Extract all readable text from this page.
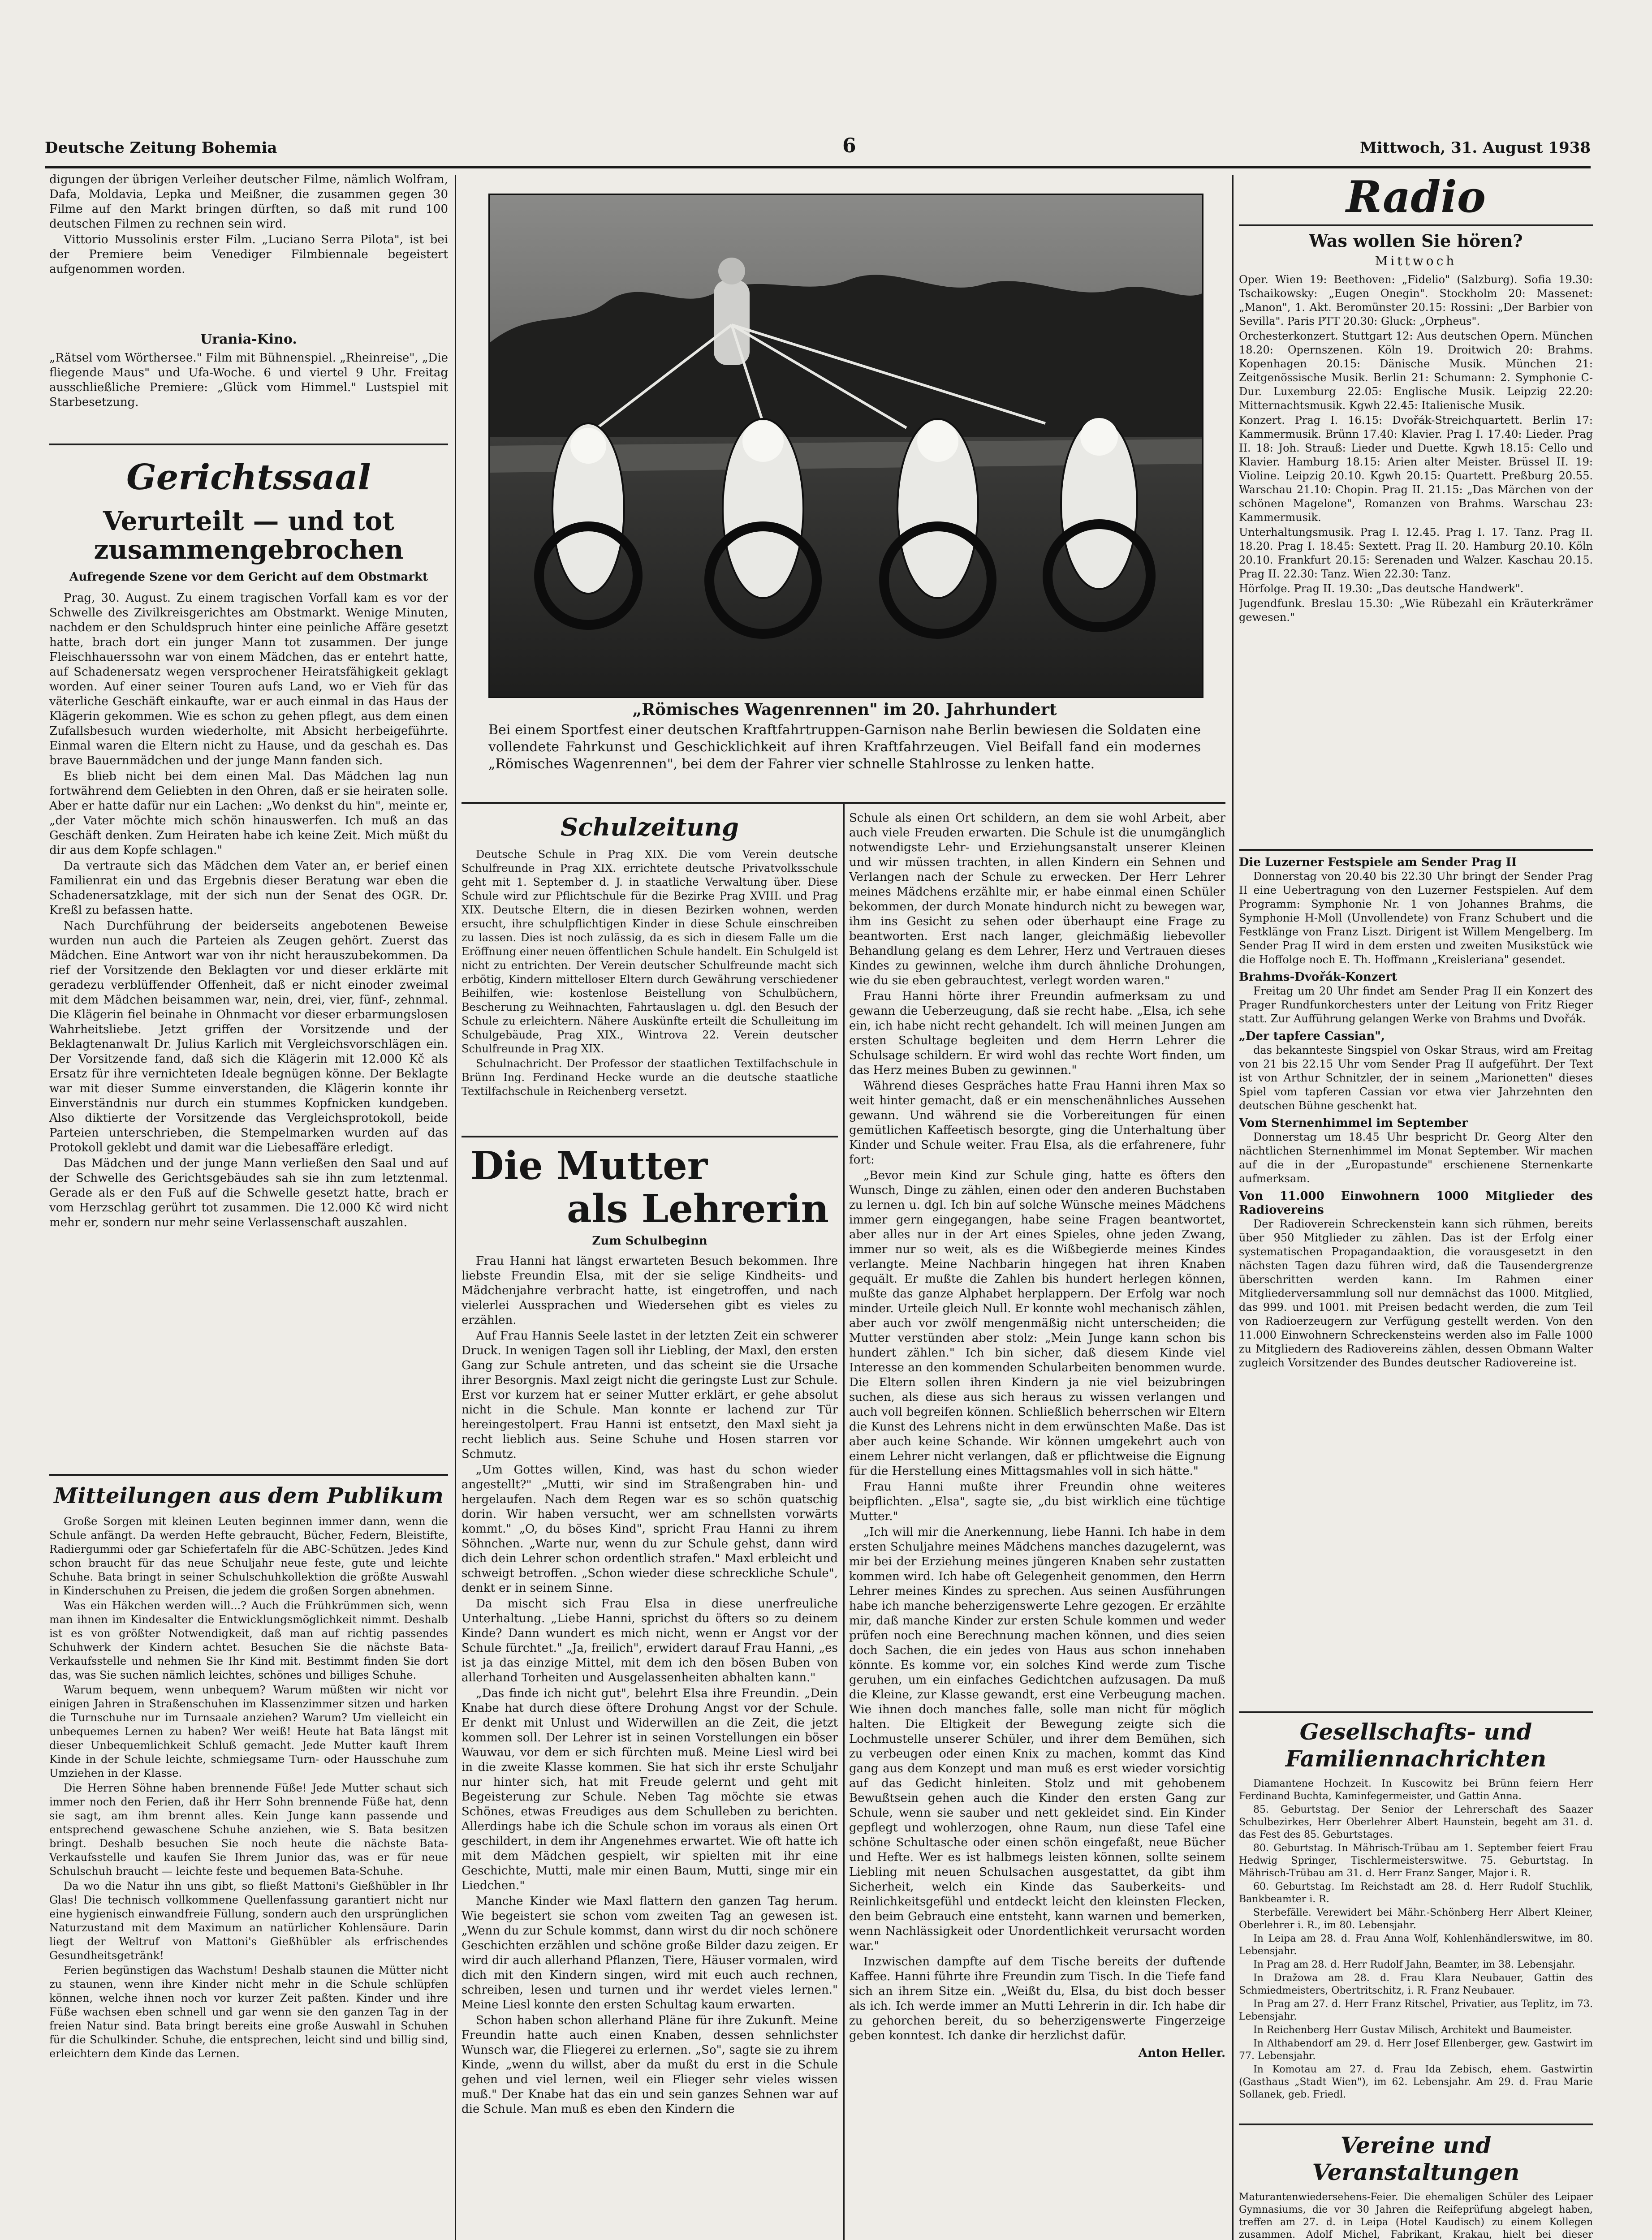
Deutsche Zeitung Bohemia	6	Mittwoch, 31. August 1938

digungen der übrigen Verleiher deutscher Filme, nämlich Wolfram, Dafa, Moldavia, Lepka und Meißner, die zusammen gegen 30 Filme auf den Markt bringen dürften, so daß mit rund 100 deutschen Filmen zu rechnen sein wird.

Vittorio Mussolinis erster Film. „Luciano Serra Pilota", ist bei der Premiere beim Venediger Filmbiennale begeistert aufgenommen worden.

Urania-Kino.
„Rätsel vom Wörthersee." Film mit Bühnenspiel. „Rheinreise", „Die fliegende Maus" und Ufa-Woche. 6 und viertel 9 Uhr. Freitag ausschließliche Premiere: „Glück vom Himmel." Lustspiel mit Starbesetzung.
Gerichtssaal
Verurteilt — und tot zusammengebrochen
Aufregende Szene vor dem Gericht auf dem Obstmarkt

Prag, 30. August. Zu einem tragischen Vorfall kam es vor der Schwelle des Zivilkreisgerichtes am Obstmarkt. Wenige Minuten, nachdem er den Schuldspruch hinter eine peinliche Affäre gesetzt hatte, brach dort ein junger Mann tot zusammen. Der junge Fleischhauerssohn war von einem Mädchen, das er entehrt hatte, auf Schadenersatz wegen versprochener Heiratsfähigkeit geklagt worden. Auf einer seiner Touren aufs Land, wo er Vieh für das väterliche Geschäft einkaufte, war er auch einmal in das Haus der Klägerin gekommen. Wie es schon zu gehen pflegt, aus dem einen Zufallsbesuch wurden wiederholte, mit Absicht herbeigeführte. Einmal waren die Eltern nicht zu Hause, und da geschah es. Das brave Bauernmädchen und der junge Mann fanden sich.

Es blieb nicht bei dem einen Mal. Das Mädchen lag nun fortwährend dem Geliebten in den Ohren, daß er sie heiraten solle. Aber er hatte dafür nur ein Lachen: „Wo denkst du hin", meinte er, „der Vater möchte mich schön hinauswerfen. Ich muß an das Geschäft denken. Zum Heiraten habe ich keine Zeit. Mich müßt du dir aus dem Kopfe schlagen."

Da vertraute sich das Mädchen dem Vater an, er berief einen Familienrat ein und das Ergebnis dieser Beratung war eben die Schadenersatzklage, mit der sich nun der Senat des OGR. Dr. Kreßl zu befassen hatte.

Nach Durchführung der beiderseits angebotenen Beweise wurden nun auch die Parteien als Zeugen gehört. Zuerst das Mädchen. Eine Antwort war von ihr nicht herauszubekommen. Da rief der Vorsitzende den Beklagten vor und dieser erklärte mit geradezu verblüffender Offenheit, daß er nicht einoder zweimal mit dem Mädchen beisammen war, nein, drei, vier, fünf-, zehnmal. Die Klägerin fiel beinahe in Ohnmacht vor dieser erbarmungslosen Wahrheitsliebe. Jetzt griffen der Vorsitzende und der Beklagtenanwalt Dr. Julius Karlich mit Vergleichsvorschlägen ein. Der Vorsitzende fand, daß sich die Klägerin mit 12.000 Kč als Ersatz für ihre vernichteten Ideale begnügen könne. Der Beklagte war mit dieser Summe einverstanden, die Klägerin konnte ihr Einverständnis nur durch ein stummes Kopfnicken kundgeben. Also diktierte der Vorsitzende das Vergleichsprotokoll, beide Parteien unterschrieben, die Stempelmarken wurden auf das Protokoll geklebt und damit war die Liebesaffäre erledigt.

Das Mädchen und der junge Mann verließen den Saal und auf der Schwelle des Gerichtsgebäudes sah sie ihn zum letztenmal. Gerade als er den Fuß auf die Schwelle gesetzt hatte, brach er vom Herzschlag gerührt tot zusammen. Die 12.000 Kč wird nicht mehr er, sondern nur mehr seine Verlassenschaft auszahlen.

Mitteilungen aus dem Publikum

Große Sorgen mit kleinen Leuten beginnen immer dann, wenn die Schule anfängt. Da werden Hefte gebraucht, Bücher, Federn, Bleistifte, Radiergummi oder gar Schiefertafeln für die ABC-Schützen. Jedes Kind schon braucht für das neue Schuljahr neue feste, gute und leichte Schuhe. Bata bringt in seiner Schulschuhkollektion die größte Auswahl in Kinderschuhen zu Preisen, die jedem die großen Sorgen abnehmen.

Was ein Häkchen werden will...? Auch die Frühkrümmen sich, wenn man ihnen im Kindesalter die Entwicklungsmöglichkeit nimmt. Deshalb ist es von größter Notwendigkeit, daß man auf richtig passendes Schuhwerk der Kindern achtet. Besuchen Sie die nächste Bata-Verkaufsstelle und nehmen Sie Ihr Kind mit. Bestimmt finden Sie dort das, was Sie suchen nämlich leichtes, schönes und billiges Schuhe.

Warum bequem, wenn unbequem? Warum müßten wir nicht vor einigen Jahren in Straßenschuhen im Klassenzimmer sitzen und harken die Turnschuhe nur im Turnsaale anziehen? Warum? Um vielleicht ein unbequemes Lernen zu haben? Wer weiß! Heute hat Bata längst mit dieser Unbequemlichkeit Schluß gemacht. Jede Mutter kauft Ihrem Kinde in der Schule leichte, schmiegsame Turn- oder Hausschuhe zum Umziehen in der Klasse.

Die Herren Söhne haben brennende Füße! Jede Mutter schaut sich immer noch den Ferien, daß ihr Herr Sohn brennende Füße hat, denn sie sagt, am ihm brennt alles. Kein Junge kann passende und entsprechend gewaschene Schuhe anziehen, wie S. Bata besitzen bringt. Deshalb besuchen Sie noch heute die nächste Bata-Verkaufsstelle und kaufen Sie Ihrem Junior das, was er für neue Schulschuh braucht — leichte feste und bequemen Bata-Schuhe.

Da wo die Natur ihn uns gibt, so fließt Mattoni's Gießhübler in Ihr Glas! Die technisch vollkommene Quellenfassung garantiert nicht nur eine hygienisch einwandfreie Füllung, sondern auch den ursprünglichen Naturzustand mit dem Maximum an natürlicher Kohlensäure. Darin liegt der Weltruf von Mattoni's Gießhübler als erfrischendes Gesundheitsgetränk!

Ferien begünstigen das Wachstum! Deshalb staunen die Mütter nicht zu staunen, wenn ihre Kinder nicht mehr in die Schule schlüpfen können, welche ihnen noch vor kurzer Zeit paßten. Kinder und ihre Füße wachsen eben schnell und gar wenn sie den ganzen Tag in der freien Natur sind. Bata bringt bereits eine große Auswahl in Schuhen für die Schulkinder. Schuhe, die entsprechen, leicht sind und billig sind, erleichtern dem Kinde das Lernen.

„Römisches Wagenrennen" im 20. Jahrhundert
Bei einem Sportfest einer deutschen Kraftfahrtruppen-Garnison nahe Berlin bewiesen die Soldaten eine vollendete Fahrkunst und Geschicklichkeit auf ihren Kraftfahrzeugen. Viel Beifall fand ein modernes „Römisches Wagenrennen", bei dem der Fahrer vier schnelle Stahlrosse zu lenken hatte.
Schulzeitung

Deutsche Schule in Prag XIX. Die vom Verein deutsche Schulfreunde in Prag XIX. errichtete deutsche Privatvolksschule geht mit 1. September d. J. in staatliche Verwaltung über. Diese Schule wird zur Pflichtschule für die Bezirke Prag XVIII. und Prag XIX. Deutsche Eltern, die in diesen Bezirken wohnen, werden ersucht, ihre schulpflichtigen Kinder in diese Schule einschreiben zu lassen. Dies ist noch zulässig, da es sich in diesem Falle um die Eröffnung einer neuen öffentlichen Schule handelt. Ein Schulgeld ist nicht zu entrichten. Der Verein deutscher Schulfreunde macht sich erbötig, Kindern mittelloser Eltern durch Gewährung verschiedener Beihilfen, wie: kostenlose Beistellung von Schulbüchern, Bescherung zu Weihnachten, Fahrtauslagen u. dgl. den Besuch der Schule zu erleichtern. Nähere Auskünfte erteilt die Schulleitung im Schulgebäude, Prag XIX., Wintrova 22. Verein deutscher Schulfreunde in Prag XIX.

Schulnachricht. Der Professor der staatlichen Textilfachschule in Brünn Ing. Ferdinand Hecke wurde an die deutsche staatliche Textilfachschule in Reichenberg versetzt.

Die Mutter
als Lehrerin
Zum Schulbeginn

Frau Hanni hat längst erwarteten Besuch bekommen. Ihre liebste Freundin Elsa, mit der sie selige Kindheits- und Mädchenjahre verbracht hatte, ist eingetroffen, und nach vielerlei Aussprachen und Wiedersehen gibt es vieles zu erzählen.

Auf Frau Hannis Seele lastet in der letzten Zeit ein schwerer Druck. In wenigen Tagen soll ihr Liebling, der Maxl, den ersten Gang zur Schule antreten, und das scheint sie die Ursache ihrer Besorgnis. Maxl zeigt nicht die geringste Lust zur Schule. Erst vor kurzem hat er seiner Mutter erklärt, er gehe absolut nicht in die Schule. Man konnte er lachend zur Tür hereingestolpert. Frau Hanni ist entsetzt, den Maxl sieht ja recht lieblich aus. Seine Schuhe und Hosen starren vor Schmutz.

„Um Gottes willen, Kind, was hast du schon wieder angestellt?" „Mutti, wir sind im Straßengraben hin- und hergelaufen. Nach dem Regen war es so schön quatschig dorin. Wir haben versucht, wer am schnellsten vorwärts kommt." „O, du böses Kind", spricht Frau Hanni zu ihrem Söhnchen. „Warte nur, wenn du zur Schule gehst, dann wird dich dein Lehrer schon ordentlich strafen." Maxl erbleicht und schweigt betroffen. „Schon wieder diese schreckliche Schule", denkt er in seinem Sinne.

Da mischt sich Frau Elsa in diese unerfreuliche Unterhaltung. „Liebe Hanni, sprichst du öfters so zu deinem Kinde? Dann wundert es mich nicht, wenn er Angst vor der Schule fürchtet." „Ja, freilich", erwidert darauf Frau Hanni, „es ist ja das einzige Mittel, mit dem ich den bösen Buben von allerhand Torheiten und Ausgelassenheiten abhalten kann."

„Das finde ich nicht gut", belehrt Elsa ihre Freundin. „Dein Knabe hat durch diese öftere Drohung Angst vor der Schule. Er denkt mit Unlust und Widerwillen an die Zeit, die jetzt kommen soll. Der Lehrer ist in seinen Vorstellungen ein böser Wauwau, vor dem er sich fürchten muß. Meine Liesl wird bei in die zweite Klasse kommen. Sie hat sich ihr erste Schuljahr nur hinter sich, hat mit Freude gelernt und geht mit Begeisterung zur Schule. Neben Tag möchte sie etwas Schönes, etwas Freudiges aus dem Schulleben zu berichten. Allerdings habe ich die Schule schon im voraus als einen Ort geschildert, in dem ihr Angenehmes erwartet. Wie oft hatte ich mit dem Mädchen gespielt, wir spielten mit ihr eine Geschichte, Mutti, male mir einen Baum, Mutti, singe mir ein Liedchen."

Manche Kinder wie Maxl flattern den ganzen Tag herum. Wie begeistert sie schon vom zweiten Tag an gewesen ist. „Wenn du zur Schule kommst, dann wirst du dir noch schönere Geschichten erzählen und schöne große Bilder dazu zeigen. Er wird dir auch allerhand Pflanzen, Tiere, Häuser vormalen, wird dich mit den Kindern singen, wird mit euch auch rechnen, schreiben, lesen und turnen und ihr werdet vieles lernen." Meine Liesl konnte den ersten Schultag kaum erwarten.

Schon haben schon allerhand Pläne für ihre Zukunft. Meine Freundin hatte auch einen Knaben, dessen sehnlichster Wunsch war, die Fliegerei zu erlernen. „So", sagte sie zu ihrem Kinde, „wenn du willst, aber da mußt du erst in die Schule gehen und viel lernen, weil ein Flieger sehr vieles wissen muß." Der Knabe hat das ein und sein ganzes Sehnen war auf die Schule. Man muß es eben den Kindern die

Schule als einen Ort schildern, an dem sie wohl Arbeit, aber auch viele Freuden erwarten. Die Schule ist die unumgänglich notwendigste Lehr- und Erziehungsanstalt unserer Kleinen und wir müssen trachten, in allen Kindern ein Sehnen und Verlangen nach der Schule zu erwecken. Der Herr Lehrer meines Mädchens erzählte mir, er habe einmal einen Schüler bekommen, der durch Monate hindurch nicht zu bewegen war, ihm ins Gesicht zu sehen oder überhaupt eine Frage zu beantworten. Erst nach langer, gleichmäßig liebevoller Behandlung gelang es dem Lehrer, Herz und Vertrauen dieses Kindes zu gewinnen, welche ihm durch ähnliche Drohungen, wie du sie eben gebrauchtest, verlegt worden waren."

Frau Hanni hörte ihrer Freundin aufmerksam zu und gewann die Ueberzeugung, daß sie recht habe. „Elsa, ich sehe ein, ich habe nicht recht gehandelt. Ich will meinen Jungen am ersten Schultage begleiten und dem Herrn Lehrer die Schulsage schildern. Er wird wohl das rechte Wort finden, um das Herz meines Buben zu gewinnen."

Während dieses Gespräches hatte Frau Hanni ihren Max so weit hinter gemacht, daß er ein menschenähnliches Aussehen gewann. Und während sie die Vorbereitungen für einen gemütlichen Kaffeetisch besorgte, ging die Unterhaltung über Kinder und Schule weiter. Frau Elsa, als die erfahrenere, fuhr fort:

„Bevor mein Kind zur Schule ging, hatte es öfters den Wunsch, Dinge zu zählen, einen oder den anderen Buchstaben zu lernen u. dgl. Ich bin auf solche Wünsche meines Mädchens immer gern eingegangen, habe seine Fragen beantwortet, aber alles nur in der Art eines Spieles, ohne jeden Zwang, immer nur so weit, als es die Wißbegierde meines Kindes verlangte. Meine Nachbarin hingegen hat ihren Knaben gequält. Er mußte die Zahlen bis hundert herlegen können, mußte das ganze Alphabet herplappern. Der Erfolg war noch minder. Urteile gleich Null. Er konnte wohl mechanisch zählen, aber auch vor zwölf mengenmäßig nicht unterscheiden; die Mutter verstünden aber stolz: „Mein Junge kann schon bis hundert zählen." Ich bin sicher, daß diesem Kinde viel Interesse an den kommenden Schularbeiten benommen wurde. Die Eltern sollen ihren Kindern ja nie viel beizubringen suchen, als diese aus sich heraus zu wissen verlangen und auch voll begreifen können. Schließlich beherrschen wir Eltern die Kunst des Lehrens nicht in dem erwünschten Maße. Das ist aber auch keine Schande. Wir können umgekehrt auch von einem Lehrer nicht verlangen, daß er pflichtweise die Eignung für die Herstellung eines Mittagsmahles voll in sich hätte."

Frau Hanni mußte ihrer Freundin ohne weiteres beipflichten. „Elsa", sagte sie, „du bist wirklich eine tüchtige Mutter."

„Ich will mir die Anerkennung, liebe Hanni. Ich habe in dem ersten Schuljahre meines Mädchens manches dazugelernt, was mir bei der Erziehung meines jüngeren Knaben sehr zustatten kommen wird. Ich habe oft Gelegenheit genommen, den Herrn Lehrer meines Kindes zu sprechen. Aus seinen Ausführungen habe ich manche beherzigenswerte Lehre gezogen. Er erzählte mir, daß manche Kinder zur ersten Schule kommen und weder prüfen noch eine Berechnung machen können, und dies seien doch Sachen, die ein jedes von Haus aus schon innehaben könnte. Es komme vor, ein solches Kind werde zum Tische geruhen, um ein einfaches Gedichtchen aufzusagen. Da muß die Kleine, zur Klasse gewandt, erst eine Verbeugung machen. Wie ihnen doch manches falle, solle man nicht für möglich halten. Die Eltigkeit der Bewegung zeigte sich die Lochmustelle unserer Schüler, und ihrer dem Bemühen, sich zu verbeugen oder einen Knix zu machen, kommt das Kind gang aus dem Konzept und man muß es erst wieder vorsichtig auf das Gedicht hinleiten. Stolz und mit gehobenem Bewußtsein gehen auch die Kinder den ersten Gang zur Schule, wenn sie sauber und nett gekleidet sind. Ein Kinder gepflegt und wohlerzogen, ohne Raum, nun diese Tafel eine schöne Schultasche oder einen schön eingefaßt, neue Bücher und Hefte. Wer es ist halbmegs leisten können, sollte seinem Liebling mit neuen Schulsachen ausgestattet, da gibt ihm Sicherheit, welch ein Kinde das Sauberkeits- und Reinlichkeitsgefühl und entdeckt leicht den kleinsten Flecken, den beim Gebrauch eine entsteht, kann warnen und bemerken, wenn Nachlässigkeit oder Unordentlichkeit verursacht worden war."

Inzwischen dampfte auf dem Tische bereits der duftende Kaffee. Hanni führte ihre Freundin zum Tisch. In die Tiefe fand sich an ihrem Sitze ein. „Weißt du, Elsa, du bist doch besser als ich. Ich werde immer an Mutti Lehrerin in dir. Ich habe dir zu gehorchen bereit, du so beherzigenswerte Fingerzeige geben konntest. Ich danke dir herzlichst dafür.

Anton Heller.
Radio
Was wollen Sie hören?
Mittwoch

Oper. Wien 19: Beethoven: „Fidelio" (Salzburg). Sofia 19.30: Tschaikowsky: „Eugen Onegin". Stockholm 20: Massenet: „Manon", 1. Akt. Beromünster 20.15: Rossini: „Der Barbier von Sevilla". Paris PTT 20.30: Gluck: „Orpheus".

Orchesterkonzert. Stuttgart 12: Aus deutschen Opern. München 18.20: Opernszenen. Köln 19. Droitwich 20: Brahms. Kopenhagen 20.15: Dänische Musik. München 21: Zeitgenössische Musik. Berlin 21: Schumann: 2. Symphonie C-Dur. Luxemburg 22.05: Englische Musik. Leipzig 22.20: Mitternachtsmusik. Kgwh 22.45: Italienische Musik.

Konzert. Prag I. 16.15: Dvořák-Streichquartett. Berlin 17: Kammermusik. Brünn 17.40: Klavier. Prag I. 17.40: Lieder. Prag II. 18: Joh. Strauß: Lieder und Duette. Kgwh 18.15: Cello und Klavier. Hamburg 18.15: Arien alter Meister. Brüssel II. 19: Violine. Leipzig 20.10. Kgwh 20.15: Quartett. Preßburg 20.55. Warschau 21.10: Chopin. Prag II. 21.15: „Das Märchen von der schönen Magelone", Romanzen von Brahms. Warschau 23: Kammermusik.

Unterhaltungsmusik. Prag I. 12.45. Prag I. 17. Tanz. Prag II. 18.20. Prag I. 18.45: Sextett. Prag II. 20. Hamburg 20.10. Köln 20.10. Frankfurt 20.15: Serenaden und Walzer. Kaschau 20.15. Prag II. 22.30: Tanz. Wien 22.30: Tanz.

Hörfolge. Prag II. 19.30: „Das deutsche Handwerk".

Jugendfunk. Breslau 15.30: „Wie Rübezahl ein Kräuterkrämer gewesen."

Die Luzerner Festspiele am Sender Prag II

Donnerstag von 20.40 bis 22.30 Uhr bringt der Sender Prag II eine Uebertragung von den Luzerner Festspielen. Auf dem Programm: Symphonie Nr. 1 von Johannes Brahms, die Symphonie H-Moll (Unvollendete) von Franz Schubert und die Festklänge von Franz Liszt. Dirigent ist Willem Mengelberg. Im Sender Prag II wird in dem ersten und zweiten Musikstück wie die Hoffolge noch E. Th. Hoffmann „Kreisleriana" gesendet.

Brahms-Dvořák-Konzert

Freitag um 20 Uhr findet am Sender Prag II ein Konzert des Prager Rundfunkorchesters unter der Leitung von Fritz Rieger statt. Zur Aufführung gelangen Werke von Brahms und Dvořák.

„Der tapfere Cassian",

das bekannteste Singspiel von Oskar Straus, wird am Freitag von 21 bis 22.15 Uhr vom Sender Prag II aufgeführt. Der Text ist von Arthur Schnitzler, der in seinem „Marionetten" dieses Spiel vom tapferen Cassian vor etwa vier Jahrzehnten den deutschen Bühne geschenkt hat.

Vom Sternenhimmel im September

Donnerstag um 18.45 Uhr bespricht Dr. Georg Alter den nächtlichen Sternenhimmel im Monat September. Wir machen auf die in der „Europastunde" erschienene Sternenkarte aufmerksam.

Von 11.000 Einwohnern 1000 Mitglieder des Radiovereins

Der Radioverein Schreckenstein kann sich rühmen, bereits über 950 Mitglieder zu zählen. Das ist der Erfolg einer systematischen Propagandaaktion, die vorausgesetzt in den nächsten Tagen dazu führen wird, daß die Tausendergrenze überschritten werden kann. Im Rahmen einer Mitgliederversammlung soll nur demnächst das 1000. Mitglied, das 999. und 1001. mit Preisen bedacht werden, die zum Teil von Radioerzeugern zur Verfügung gestellt werden. Von den 11.000 Einwohnern Schreckensteins werden also im Falle 1000 zu Mitgliedern des Radiovereins zählen, dessen Obmann Walter zugleich Vorsitzender des Bundes deutscher Radiovereine ist.

Gesellschafts- und Familiennachrichten

Diamantene Hochzeit. In Kuscowitz bei Brünn feiern Herr Ferdinand Buchta, Kaminfegermeister, und Gattin Anna.

85. Geburtstag. Der Senior der Lehrerschaft des Saazer Schulbezirkes, Herr Oberlehrer Albert Haunstein, begeht am 31. d. das Fest des 85. Geburtstages.

80. Geburtstag. In Mährisch-Trübau am 1. September feiert Frau Hedwig Springer, Tischlermeisterswitwe. 75. Geburtstag. In Mährisch-Trübau am 31. d. Herr Franz Sanger, Major i. R.

60. Geburtstag. Im Reichstadt am 28. d. Herr Rudolf Stuchlik, Bankbeamter i. R.

Sterbefälle. Verewidert bei Mähr.-Schönberg Herr Albert Kleiner, Oberlehrer i. R., im 80. Lebensjahr.

In Leipa am 28. d. Frau Anna Wolf, Kohlenhändlerswitwe, im 80. Lebensjahr.

In Prag am 28. d. Herr Rudolf Jahn, Beamter, im 38. Lebensjahr.

In Dražowa am 28. d. Frau Klara Neubauer, Gattin des Schmiedmeisters, Obertritschitz, i. R. Franz Neubauer.

In Prag am 27. d. Herr Franz Ritschel, Privatier, aus Teplitz, im 73. Lebensjahr.

In Reichenberg Herr Gustav Milisch, Architekt und Baumeister.

In Althabendorf am 29. d. Herr Josef Ellenberger, gew. Gastwirt im 77. Lebensjahr.

In Komotau am 27. d. Frau Ida Zebisch, ehem. Gastwirtin (Gasthaus „Stadt Wien"), im 62. Lebensjahr. Am 29. d. Frau Marie Sollanek, geb. Friedl.

Vereine und Veranstaltungen
Maturantenwiedersehens-Feier. Die ehemaligen Schüler des Leipaer Gymnasiums, die vor 30 Jahren die Reifeprüfung abgelegt haben, treffen am 27. d. in Leipa (Hotel Kaudisch) zu einem Kollegen zusammen. Adolf Michel, Fabrikant, Krakau, hielt bei dieser
